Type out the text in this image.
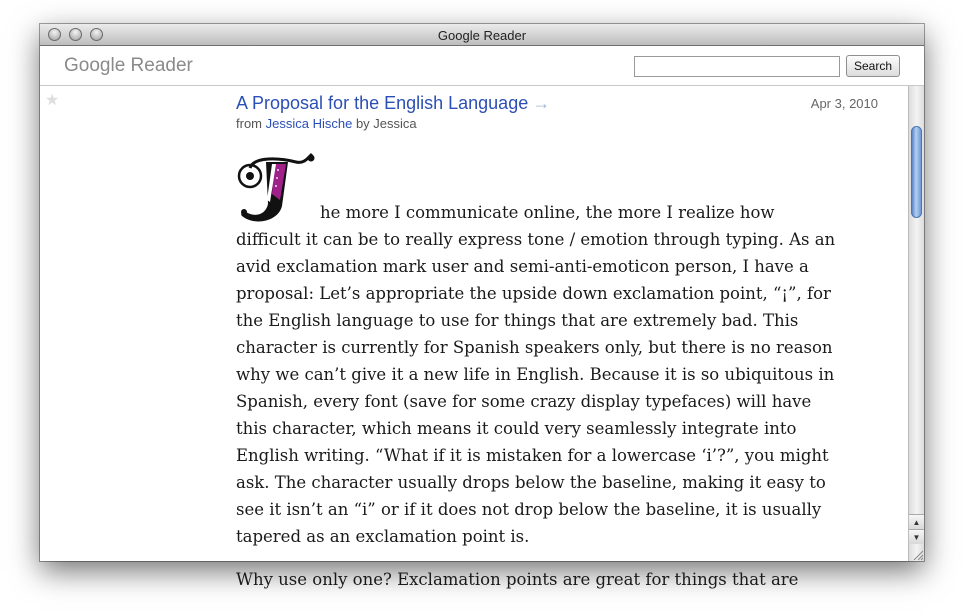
Google Reader
Google Reader	Search
★	A Proposal for the English Language →	Apr 3, 2010
from Jessica Hische by Jessica
he more I communicate online, the more I realize how difficult it can be to really express tone / emotion through typing. As an avid exclamation mark user and semi-anti-emoticon person, I have a proposal: Let’s appropriate the upside down exclamation point, “¡”, for the English language to use for things that are extremely bad. This character is currently for Spanish speakers only, but there is no reason why we can’t give it a new life in English. Because it is so ubiquitous in Spanish, every font (save for some crazy display typefaces) will have this character, which means it could very seamlessly integrate into English writing. “What if it is mistaken for a lowercase ‘i’?”, you might ask. The character usually drops below the baseline, making it easy to see it isn’t an “i” or if it does not drop below the baseline, it is usually tapered as an exclamation point is.
Why use only one? Exclamation points are great for things that are
▲
▼
